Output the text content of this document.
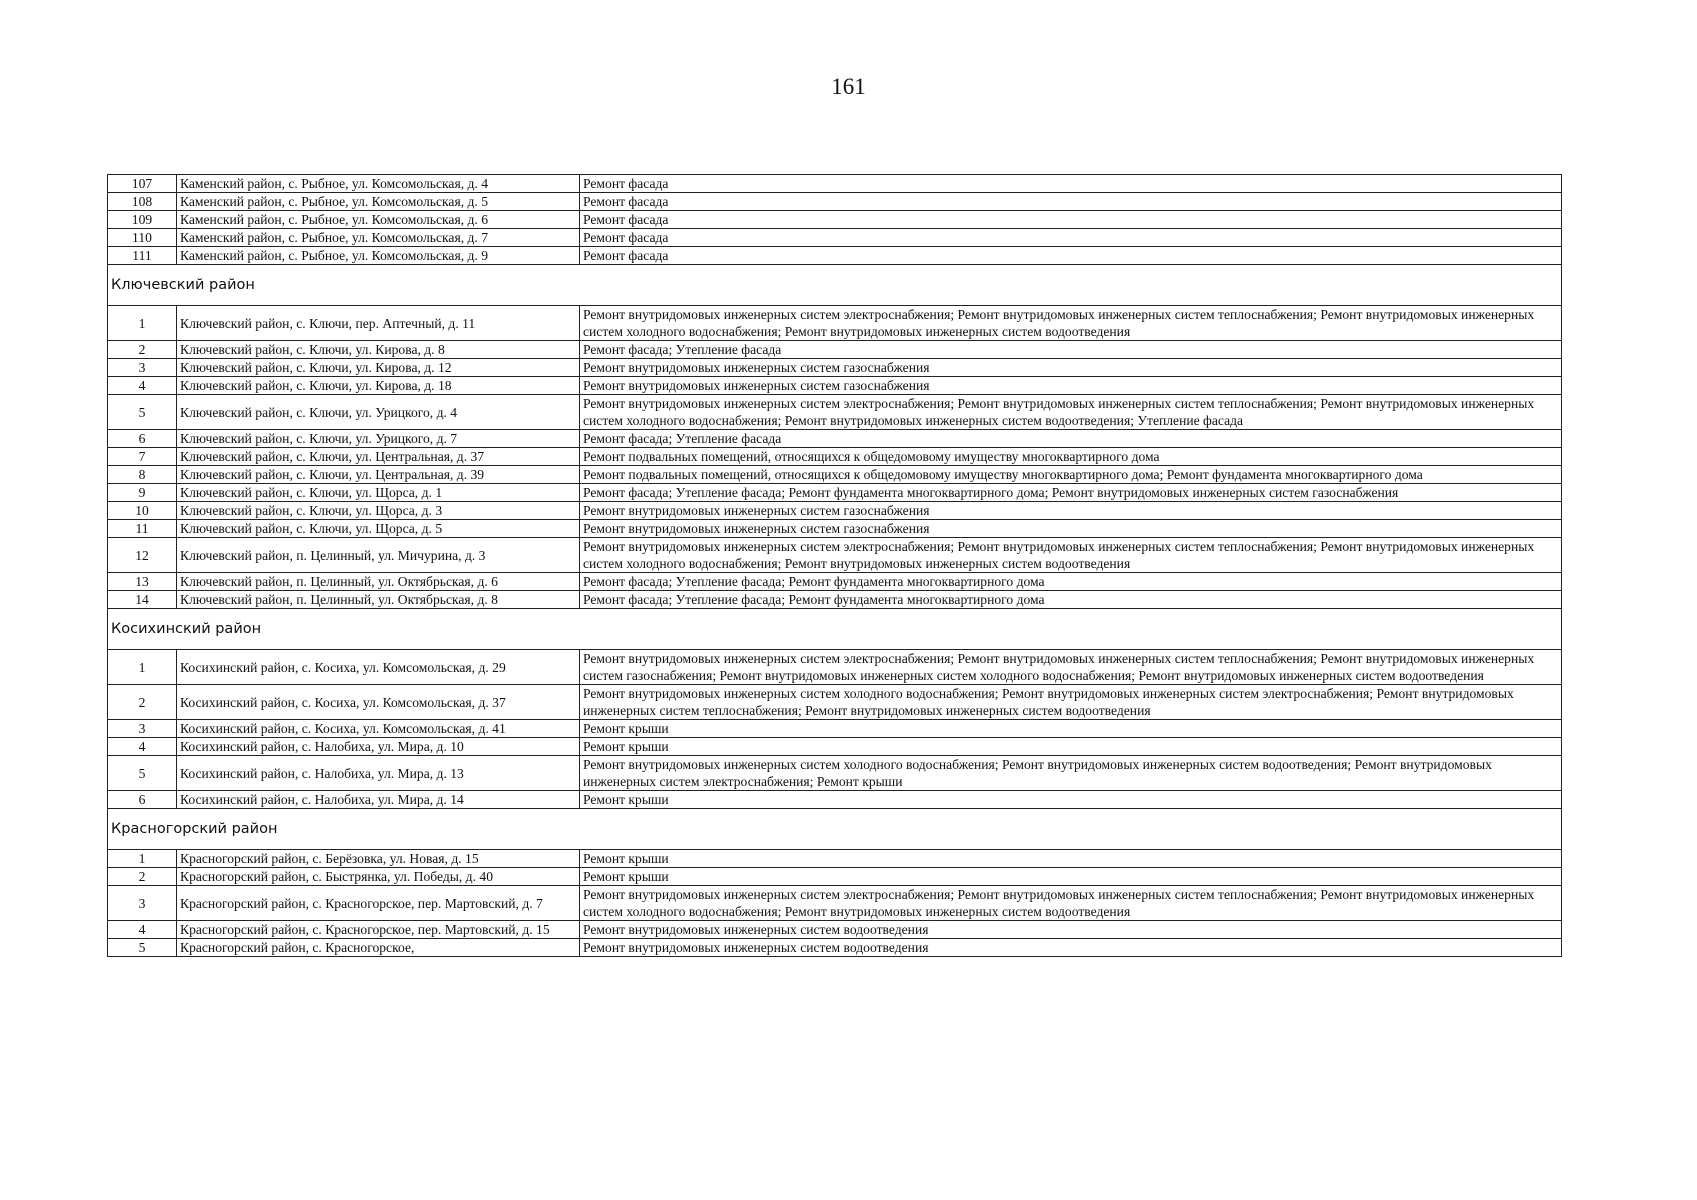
161
107	Каменский район, с. Рыбное, ул. Комсомольская, д. 4	Ремонт фасада
108	Каменский район, с. Рыбное, ул. Комсомольская, д. 5	Ремонт фасада
109	Каменский район, с. Рыбное, ул. Комсомольская, д. 6	Ремонт фасада
110	Каменский район, с. Рыбное, ул. Комсомольская, д. 7	Ремонт фасада
111	Каменский район, с. Рыбное, ул. Комсомольская, д. 9	Ремонт фасада
Ключевский район		
1	Ключевский район, с. Ключи, пер. Аптечный, д. 11	Ремонт внутридомовых инженерных систем электроснабжения; Ремонт внутридомовых инженерных систем теплоснабжения; Ремонт внутридомовых инженерных систем холодного водоснабжения; Ремонт внутридомовых инженерных систем водоотведения
2	Ключевский район, с. Ключи, ул. Кирова, д. 8	Ремонт фасада; Утепление фасада
3	Ключевский район, с. Ключи, ул. Кирова, д. 12	Ремонт внутридомовых инженерных систем газоснабжения
4	Ключевский район, с. Ключи, ул. Кирова, д. 18	Ремонт внутридомовых инженерных систем газоснабжения
5	Ключевский район, с. Ключи, ул. Урицкого, д. 4	Ремонт внутридомовых инженерных систем электроснабжения; Ремонт внутридомовых инженерных систем теплоснабжения; Ремонт внутридомовых инженерных систем холодного водоснабжения; Ремонт внутридомовых инженерных систем водоотведения; Утепление фасада
6	Ключевский район, с. Ключи, ул. Урицкого, д. 7	Ремонт фасада; Утепление фасада
7	Ключевский район, с. Ключи, ул. Центральная, д. 37	Ремонт подвальных помещений, относящихся к общедомовому имуществу многоквартирного дома
8	Ключевский район, с. Ключи, ул. Центральная, д. 39	Ремонт подвальных помещений, относящихся к общедомовому имуществу многоквартирного дома; Ремонт фундамента многоквартирного дома
9	Ключевский район, с. Ключи, ул. Щорса, д. 1	Ремонт фасада; Утепление фасада; Ремонт фундамента многоквартирного дома; Ремонт внутридомовых инженерных систем газоснабжения
10	Ключевский район, с. Ключи, ул. Щорса, д. 3	Ремонт внутридомовых инженерных систем газоснабжения
11	Ключевский район, с. Ключи, ул. Щорса, д. 5	Ремонт внутридомовых инженерных систем газоснабжения
12	Ключевский район, п. Целинный, ул. Мичурина, д. 3	Ремонт внутридомовых инженерных систем электроснабжения; Ремонт внутридомовых инженерных систем теплоснабжения; Ремонт внутридомовых инженерных систем холодного водоснабжения; Ремонт внутридомовых инженерных систем водоотведения
13	Ключевский район, п. Целинный, ул. Октябрьская, д. 6	Ремонт фасада; Утепление фасада; Ремонт фундамента многоквартирного дома
14	Ключевский район, п. Целинный, ул. Октябрьская, д. 8	Ремонт фасада; Утепление фасада; Ремонт фундамента многоквартирного дома
Косихинский район		
1	Косихинский район, с. Косиха, ул. Комсомольская, д. 29	Ремонт внутридомовых инженерных систем электроснабжения; Ремонт внутридомовых инженерных систем теплоснабжения; Ремонт внутридомовых инженерных систем газоснабжения; Ремонт внутридомовых инженерных систем холодного водоснабжения; Ремонт внутридомовых инженерных систем водоотведения
2	Косихинский район, с. Косиха, ул. Комсомольская, д. 37	Ремонт внутридомовых инженерных систем холодного водоснабжения; Ремонт внутридомовых инженерных систем электроснабжения; Ремонт внутридомовых инженерных систем теплоснабжения; Ремонт внутридомовых инженерных систем водоотведения
3	Косихинский район, с. Косиха, ул. Комсомольская, д. 41	Ремонт крыши
4	Косихинский район, с. Налобиха, ул. Мира, д. 10	Ремонт крыши
5	Косихинский район, с. Налобиха, ул. Мира, д. 13	Ремонт внутридомовых инженерных систем холодного водоснабжения; Ремонт внутридомовых инженерных систем водоотведения; Ремонт внутридомовых инженерных систем электроснабжения; Ремонт крыши
6	Косихинский район, с. Налобиха, ул. Мира, д. 14	Ремонт крыши
Красногорский район		
1	Красногорский район, с. Берёзовка, ул. Новая, д. 15	Ремонт крыши
2	Красногорский район, с. Быстрянка, ул. Победы, д. 40	Ремонт крыши
3	Красногорский район, с. Красногорское, пер. Мартовский, д. 7	Ремонт внутридомовых инженерных систем электроснабжения; Ремонт внутридомовых инженерных систем теплоснабжения; Ремонт внутридомовых инженерных систем холодного водоснабжения; Ремонт внутридомовых инженерных систем водоотведения
4	Красногорский район, с. Красногорское, пер. Мартовский, д. 15	Ремонт внутридомовых инженерных систем водоотведения
5	Красногорский район, с. Красногорское,	Ремонт внутридомовых инженерных систем водоотведения
